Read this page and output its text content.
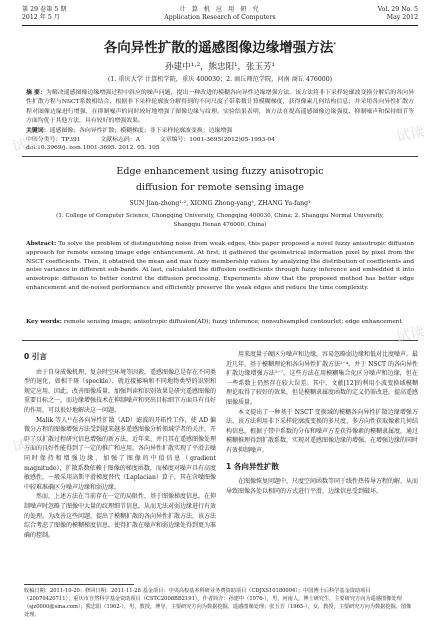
第 29 卷第 5 期
2012 年 5 月
计 算 机 应 用 研 究
Application Research of Computers
Vol. 29 No. 5
May 2012
各向异性扩散的遥感图像边缘增强方法*
孙建中¹·²，熊忠阳¹，张玉芳¹
(1. 重庆大学 计算机学院，重庆 400030；2. 商丘师范学院，河南 商丘 476000)
摘 要：为解决遥感图像边缘增强过程中斜应的噪声问题，提出一种改进的模糊各向异性边缘增强方法。该方法将非下采样轮廓波变换分解后的各向异性扩散方程与NSCT系数相结合，根据非下采样轮廓波分解得到的不同尺度子带系数计算模糊梯度，获得像素几何结构信息；并采用各向异性扩散方程对图像边缘进行增强，在抑制噪声的同时较好地增强了图像边缘与纹理。实验结果表明，该方法在提高遥感图像边缘强度、抑制噪声和保持细节等方面均优于其他方法，具有较好的增强效果。
关键词：遥感图像；各向异性扩散；模糊梯度；非下采样轮廓波变换；边缘增强
中图分类号：TP391	文献标志码：A	文章编号：1001-3695(2012)05-1993-04
doi:10.3969/j. issn.1001-3695. 2012. 05. 105
Edge enhancement using fuzzy anisotropic
diffusion for remote sensing image
SUN Jian-zhong¹·², XIONG Zhong-yang¹, ZHANG Yu-fang¹
(1. College of Computer Science, Chongqing University, Chongqing 400030, China; 2. Shangqiu Normal University, Shangqiu Henan 476000, China)
Abstract: To solve the problem of distinguishing noise from weak edges, this paper proposed a novel fuzzy anisotropic diffusion approach for remote sensing image edge enhancement. At first, it gathered the geometrical information pixel by pixel from the NSCT coefficients. Then, it obtained the mean and max fuzzy membership values by analyzing the distribution of coefficients and noise variance in different sub-bands. At last, calculated the diffusion coefficients through fuzzy inference and embedded it into anisotropic diffusion to better control the diffusion processing. Experiments show that the proposed method has better edge enhancement and de-noised performance and efficiently preserve the weak edges and reduce the time complexity.
Key words: remote sensing image; anisotropic diffusion(AD); fuzzy inference; nonsubsampled contourlet; edge enhancement
0 引言

由于自身成像机理、复杂时空环境等因素，遥感图像总是存在不同类型的退化，如相干斑（speckle）、就近接影响和不同地物类型的识别和规定应用。因此，改善图像质量，加强判读和识别效果是研究遥感图像的重要目标之一，而边缘增强技术在抑制噪声和突出目标细节方面具有良好的作用，可以很好地解决这一问题。

Malik 等人¹¹在各向异性扩散（AD）滤波的开拓性工作，使 AD 偏微分方程的图像增强方法受到越来越多遥感图像分析领域学者的关注，开辟了以扩散过程研究信息增强的新方法，近年来，并且其在遥感图像处理方面的良好性能得到了一定的推广和应用。各向异性扩散实现了平滑去噪同时保持和增强边缘，加强了图像的中值信息（gradient magnitude），扩散系数依赖于图像的梯度函数，而梯度对噪声具有高度敏感性，一般采用高斯平滑梯度替代（Laplacian）算子，其在含噪图像中较难准确区分噪声边缘和弱边缘。

然而，上述方法在当前存在一定的局限性，基于图像梯度信息，在抑制噪声时忽略了图像中大量的纹理细节信息，从而无法对弱边缘进行有效的处理。为改善这些问题，提出了模糊扩散的各向异性扩散方法，该方法综合考虑了图像的模糊梯度信息，使得扩散在噪声和弱边缘处得到更为准确的控制。

用来度量子硬区分噪声和边缘，容易忽略弱边缘和低对比度噪声。最近几年，基于模糊理论和各向异性扩散方法²⁻⁴，并于 NSCT 的各向异性扩散边缘增强方法⁵⁻⁷。这些方法在用模糊集合化区分噪声和边缘，但在一些系数上仍然存在较大误差。其中，文献[12]的利用小波变换域模糊理论取得了较好的效果，但是模糊隶属度函数的定义仍需改进，提高遥感图像质量。

本文提出了一种基于 NSCT 变换域的模糊各向异性扩散边缘增强方法。该方法利用非下采样轮廓波变换的多尺度、多方向性获取像素几何结构信息，根据子带中系数的分布和噪声方差获得像素的模糊隶属度，通过模糊推理得到扩散系数，实现对遥感图像边缘的增强，在增强边缘的同时有效抑制噪声。

1 各向异性扩散

在图像恢复问题中，尺度空间函数等同于线性热传导方程的解，从而导致图像各处以相同的方式进行平滑，边缘信息受到破坏。

收稿日期：2011-10-20；修回日期：2011-11-28 基金项目：中央高校基本科研业务费资助项目（CDJXS10180004）；中国博士后科学基金资助项目（20070420711）；重庆市自然科学基金资助项目（CSTC2008BB2191）。作者简介：孙建中（1976-），男，河南人，博士研究生，主要研究方向为遥感图像处理（sjz0000@sina.com）；熊忠阳（1962-），男，教授，博导，主要研究方向为数据挖掘、遥感图像处理；张玉芳（1965-），女，教授，主要研究方向为数据挖掘、图像处理。
试读	试读
试读
试读
